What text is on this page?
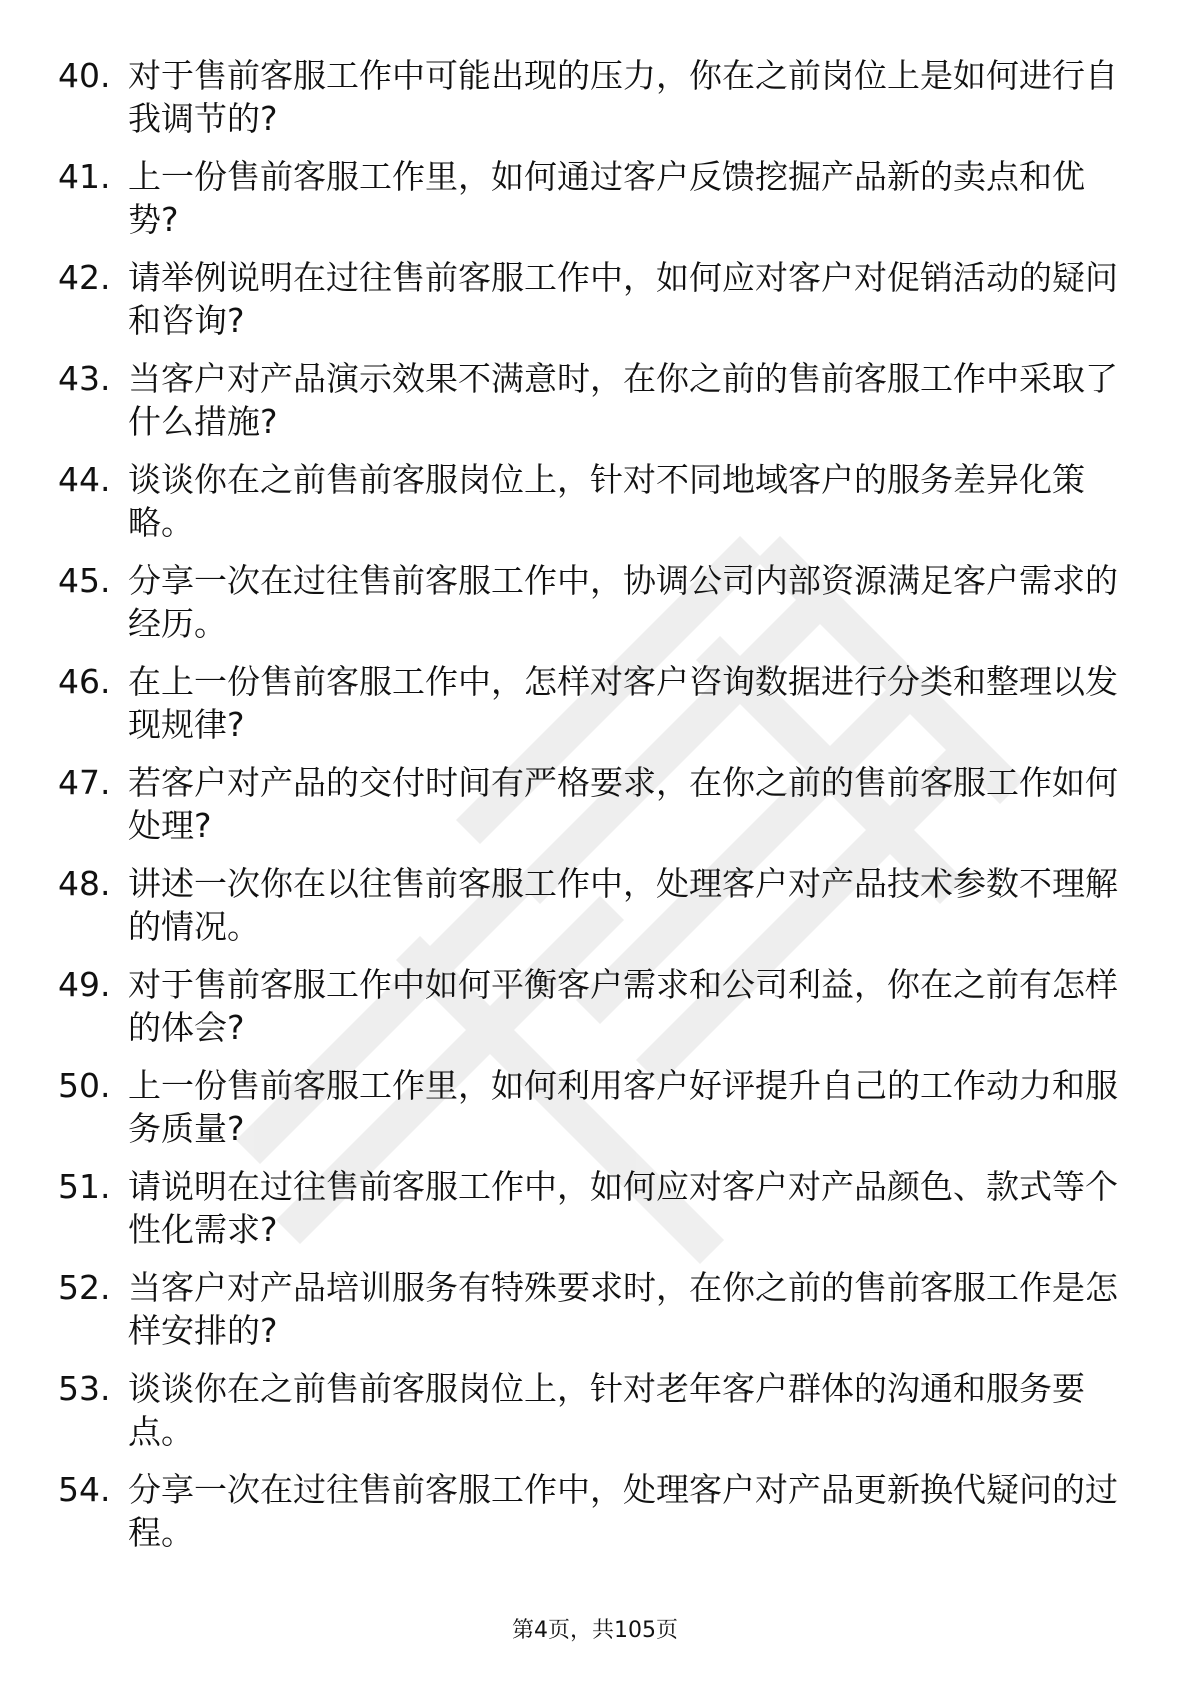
40. 对于售前客服工作中可能出现的压力，你在之前岗位上是如何进行自我调节的?
41. 上一份售前客服工作里，如何通过客户反馈挖掘产品新的卖点和优势?
42. 请举例说明在过往售前客服工作中，如何应对客户对促销活动的疑问和咨询?
43. 当客户对产品演示效果不满意时，在你之前的售前客服工作中采取了什么措施?
44. 谈谈你在之前售前客服岗位上，针对不同地域客户的服务差异化策略。
45. 分享一次在过往售前客服工作中，协调公司内部资源满足客户需求的经历。
46. 在上一份售前客服工作中，怎样对客户咨询数据进行分类和整理以发现规律?
47. 若客户对产品的交付时间有严格要求，在你之前的售前客服工作如何处理?
48. 讲述一次你在以往售前客服工作中，处理客户对产品技术参数不理解的情况。
49. 对于售前客服工作中如何平衡客户需求和公司利益，你在之前有怎样的体会?
50. 上一份售前客服工作里，如何利用客户好评提升自己的工作动力和服务质量?
51. 请说明在过往售前客服工作中，如何应对客户对产品颜色、款式等个性化需求?
52. 当客户对产品培训服务有特殊要求时，在你之前的售前客服工作是怎样安排的?
53. 谈谈你在之前售前客服岗位上，针对老年客户群体的沟通和服务要点。
54. 分享一次在过往售前客服工作中，处理客户对产品更新换代疑问的过程。
第4页，共105页
